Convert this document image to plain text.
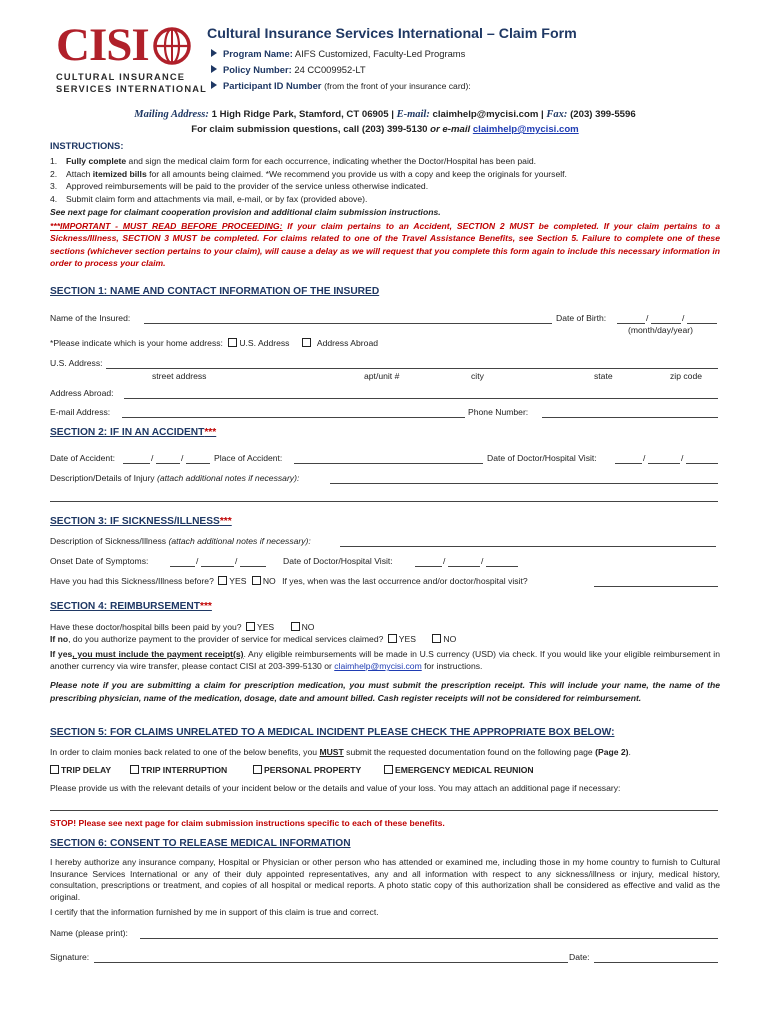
CISI
CULTURAL INSURANCE
SERVICES INTERNATIONAL
Cultural Insurance Services International – Claim Form
Program Name: AIFS Customized, Faculty-Led Programs
Policy Number: 24 CC009952-LT
Participant ID Number (from the front of your insurance card):
Mailing Address: 1 High Ridge Park, Stamford, CT 06905 | E-mail: claimhelp@mycisi.com | Fax: (203) 399-5596
For claim submission questions, call (203) 399-5130 or e-mail claimhelp@mycisi.com
INSTRUCTIONS:
1. Fully complete and sign the medical claim form for each occurrence, indicating whether the Doctor/Hospital has been paid.
2. Attach itemized bills for all amounts being claimed. *We recommend you provide us with a copy and keep the originals for yourself.
3. Approved reimbursements will be paid to the provider of the service unless otherwise indicated.
4. Submit claim form and attachments via mail, e-mail, or by fax (provided above).
See next page for claimant cooperation provision and additional claim submission instructions.
***IMPORTANT - MUST READ BEFORE PROCEEDING: If your claim pertains to an Accident, SECTION 2 MUST be completed. If your claim pertains to a Sickness/Illness, SECTION 3 MUST be completed. For claims related to one of the Travel Assistance Benefits, see Section 5. Failure to complete one of these sections (whichever section pertains to your claim), will cause a delay as we will request that you complete this form again to include this necessary information in order to process your claim.
SECTION 1: NAME AND CONTACT INFORMATION OF THE INSURED
Name of the Insured:	Date of Birth:	/	/
(month/day/year)
*Please indicate which is your home address: U.S. Address	Address Abroad
U.S. Address:
street address	apt/unit #	city	state	zip code
Address Abroad:
E-mail Address:	Phone Number:
SECTION 2: IF IN AN ACCIDENT***
Date of Accident:	/	/	Place of Accident:	Date of Doctor/Hospital Visit:	/	/
Description/Details of Injury (attach additional notes if necessary):
SECTION 3: IF SICKNESS/ILLNESS***
Description of Sickness/Illness (attach additional notes if necessary):
Onset Date of Symptoms:	/	/	Date of Doctor/Hospital Visit:	/	/
Have you had this Sickness/Illness before? YES NO If yes, when was the last occurrence and/or doctor/hospital visit?
SECTION 4: REIMBURSEMENT***
Have these doctor/hospital bills been paid by you? YES	NO
If no, do you authorize payment to the provider of service for medical services claimed? YES	NO
If yes, you must include the payment receipt(s). Any eligible reimbursements will be made in U.S currency (USD) via check. If you would like your eligible reimbursement in another currency via wire transfer, please contact CISI at 203-399-5130 or claimhelp@mycisi.com for instructions.
Please note if you are submitting a claim for prescription medication, you must submit the prescription receipt. This will include your name, the name of the prescribing physician, name of the medication, dosage, date and amount billed. Cash register receipts will not be considered for reimbursement.
SECTION 5: FOR CLAIMS UNRELATED TO A MEDICAL INCIDENT PLEASE CHECK THE APPROPRIATE BOX BELOW:
In order to claim monies back related to one of the below benefits, you MUST submit the requested documentation found on the following page (Page 2).
TRIP DELAY	TRIP INTERRUPTION	PERSONAL PROPERTY	EMERGENCY MEDICAL REUNION
Please provide us with the relevant details of your incident below or the details and value of your loss. You may attach an additional page if necessary:
STOP! Please see next page for claim submission instructions specific to each of these benefits.
SECTION 6: CONSENT TO RELEASE MEDICAL INFORMATION
I hereby authorize any insurance company, Hospital or Physician or other person who has attended or examined me, including those in my home country to furnish to Cultural Insurance Services International or any of their duly appointed representatives, any and all information with respect to any sickness/illness or injury, medical history, consultation, prescriptions or treatment, and copies of all hospital or medical reports. A photo static copy of this authorization shall be considered as effective and valid as the original.
I certify that the information furnished by me in support of this claim is true and correct.
Name (please print):
Signature:	Date:
